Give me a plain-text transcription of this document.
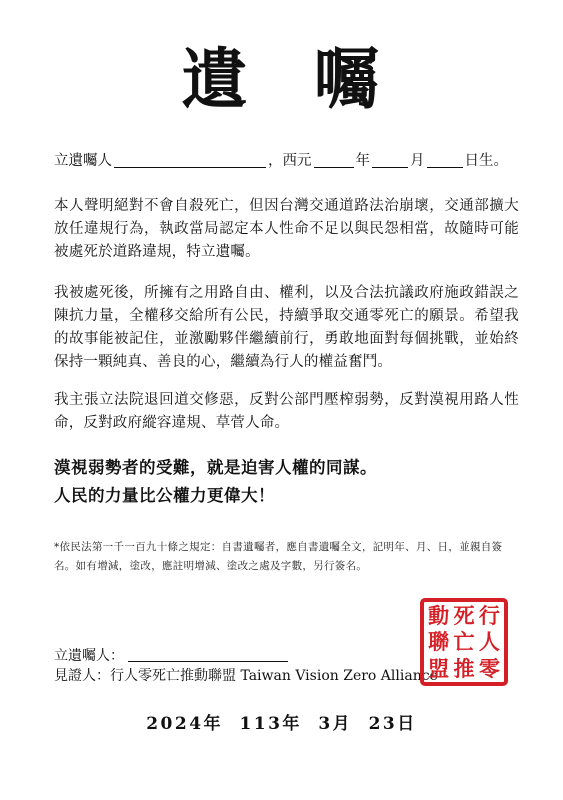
遺 囑
立遺囑人	，西元	年	月	日生。

本人聲明絕對不會自殺死亡，但因台灣交通道路法治崩壞，交通部擴大放任違規行為，執政當局認定本人性命不足以與民怨相當，故隨時可能被處死於道路違規，特立遺囑。

我被處死後，所擁有之用路自由、權利，以及合法抗議政府施政錯誤之陳抗力量，全權移交給所有公民，持續爭取交通零死亡的願景。希望我的故事能被記住，並激勵夥伴繼續前行，勇敢地面對每個挑戰，並始終保持一顆純真、善良的心，繼續為行人的權益奮鬥。

我主張立法院退回道交修惡，反對公部門壓榨弱勢，反對漠視用路人性命，反對政府縱容違規、草菅人命。

漠視弱勢者的受難，就是迫害人權的同謀。

人民的力量比公權力更偉大！

*依民法第一千一百九十條之規定：自書遺囑者，應自書遺囑全文，記明年、月、日，並親自簽名。如有增減，塗改，應註明增減、塗改之處及字數，另行簽名。

立遺囑人：
見證人： 行人零死亡推動聯盟 Taiwan Vision Zero Alliance
2024年 113年 3月 23日
行
人
零
死
亡
推
動
聯
盟
